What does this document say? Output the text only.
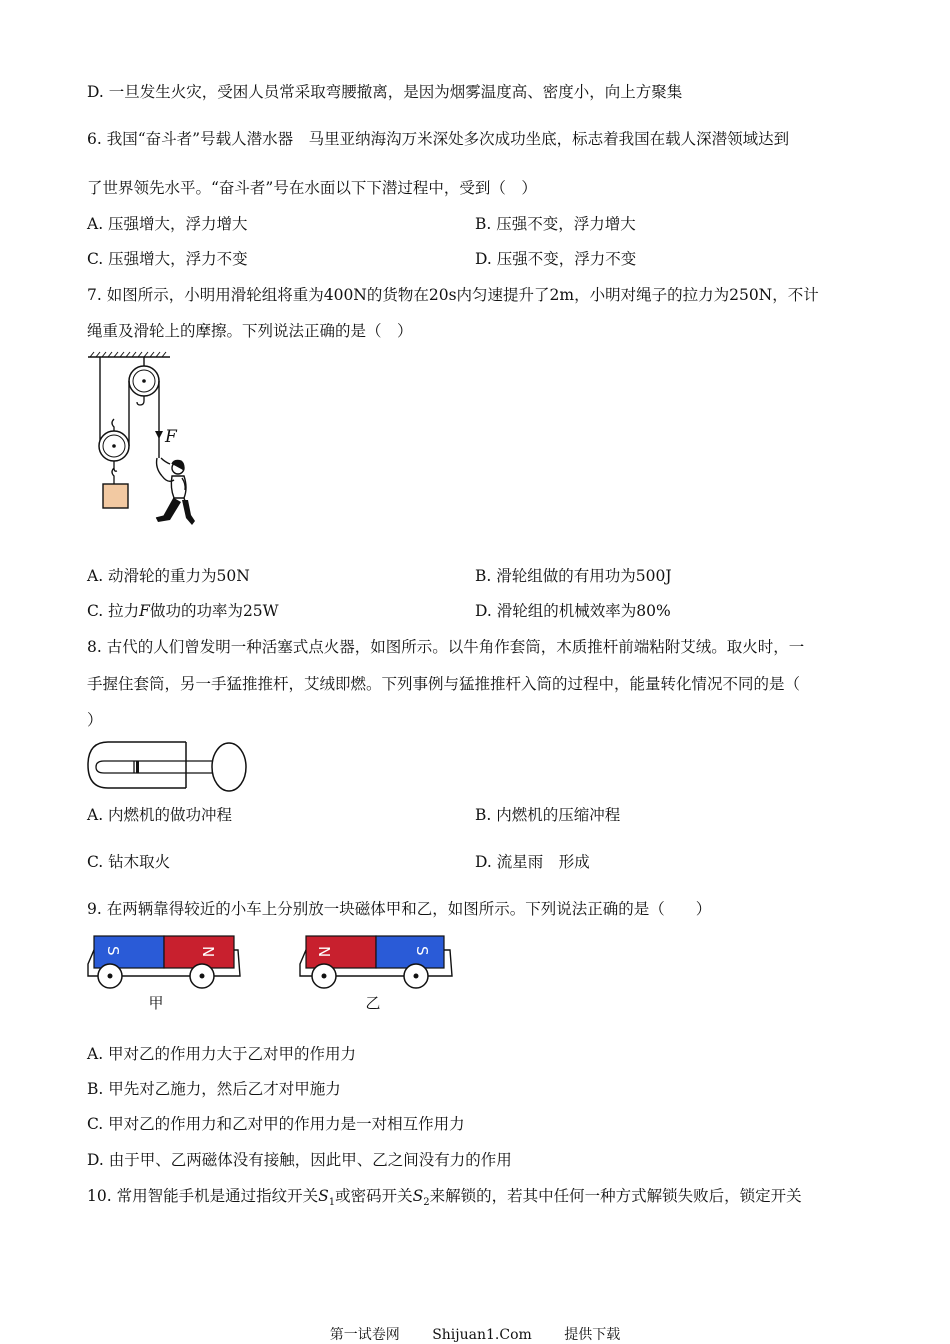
D. 一旦发生火灾，受困人员常采取弯腰撤离，是因为烟雾温度高、密度小，向上方聚集
6. 我国“奋斗者”号载人潜水器　马里亚纳海沟万米深处多次成功坐底，标志着我国在载人深潜领域达到
了世界领先水平。“奋斗者”号在水面以下下潜过程中，受到（　）
A. 压强增大，浮力增大	B. 压强不变，浮力增大
C. 压强增大，浮力不变	D. 压强不变，浮力不变
7. 如图所示，小明用滑轮组将重为400N的货物在20s内匀速提升了2m，小明对绳子的拉力为250N，不计
绳重及滑轮上的摩擦。下列说法正确的是（　）
F
A. 动滑轮的重力为50N	B. 滑轮组做的有用功为500J
C. 拉力F做功的功率为25W	D. 滑轮组的机械效率为80%
8. 古代的人们曾发明一种活塞式点火器，如图所示。以牛角作套筒，木质推杆前端粘附艾绒。取火时，一
手握住套筒，另一手猛推推杆，艾绒即燃。下列事例与猛推推杆入筒的过程中，能量转化情况不同的是（
）
A. 内燃机的做功冲程	B. 内燃机的压缩冲程
C. 钻木取火	D. 流星雨　形成
9. 在两辆靠得较近的小车上分别放一块磁体甲和乙，如图所示。下列说法正确的是（　　）
S	N
甲
N	S
乙
A. 甲对乙的作用力大于乙对甲的作用力
B. 甲先对乙施力，然后乙才对甲施力
C. 甲对乙的作用力和乙对甲的作用力是一对相互作用力
D. 由于甲、乙两磁体没有接触，因此甲、乙之间没有力的作用
10. 常用智能手机是通过指纹开关$S_1$或密码开关$S_2$来解锁的，若其中任何一种方式解锁失败后，锁定开关
第一试卷网 Shijuan1.Com 提供下载
